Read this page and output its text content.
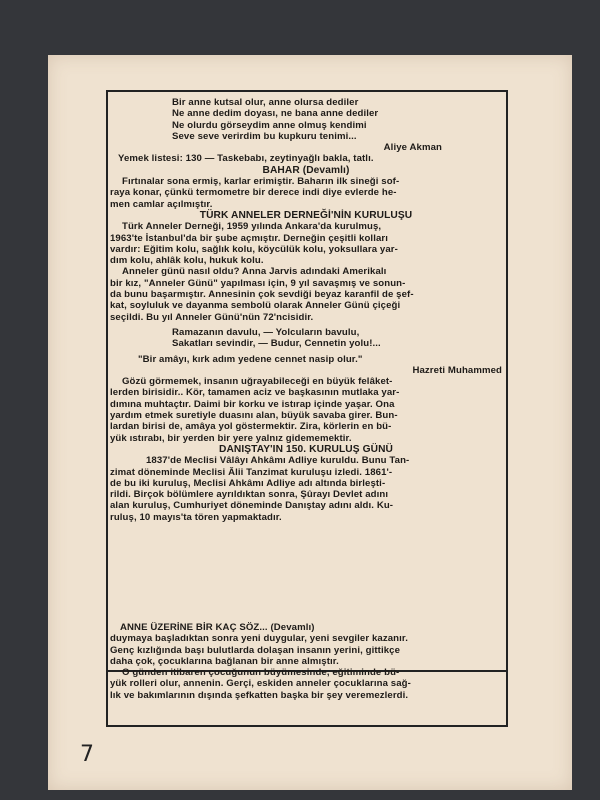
Bir anne kutsal olur, anne olursa dediler
Ne anne dedim doyası, ne bana anne dediler
Ne olurdu görseydim anne olmuş kendimi
Seve seve verirdim bu kupkuru tenimi...
Aliye Akman
Yemek listesi: 130 — Taskebabı, zeytinyağlı bakla, tatlı.
BAHAR (Devamlı)
Fırtınalar sona ermiş, karlar erimiştir. Baharın ilk sineği sof-
raya konar, çünkü termometre bir derece indi diye evlerde he-
men camlar açılmıştır.
TÜRK ANNELER DERNEĞİ'NİN KURULUŞU
Türk Anneler Derneği, 1959 yılında Ankara'da kurulmuş,
1963'te İstanbul'da bir şube açmıştır. Derneğin çeşitli kolları
vardır: Eğitim kolu, sağlık kolu, köycülük kolu, yoksullara yar-
dım kolu, ahlâk kolu, hukuk kolu.
Anneler günü nasıl oldu? Anna Jarvis adındaki Amerikalı
bir kız, "Anneler Günü" yapılması için, 9 yıl savaşmış ve sonun-
da bunu başarmıştır. Annesinin çok sevdiği beyaz karanfil de şef-
kat, soyluluk ve dayanma sembolü olarak Anneler Günü çiçeği
seçildi. Bu yıl Anneler Günü'nün 72'ncisidir.
Ramazanın davulu, — Yolcuların bavulu,
Sakatları sevindir, — Budur, Cennetin yolu!...
"Bir amâyı, kırk adım yedene cennet nasip olur."
Hazreti Muhammed
Gözü görmemek, insanın uğrayabileceği en büyük felâket-
lerden birisidir.. Kör, tamamen aciz ve başkasının mutlaka yar-
dımına muhtaçtır. Daimi bir korku ve istırap içinde yaşar. Ona
yardım etmek suretiyle duasını alan, büyük savaba girer. Bun-
lardan birisi de, amâya yol göstermektir. Zira, körlerin en bü-
yük ıstırabı, bir yerden bir yere yalnız gidememektir.
DANIŞTAY'IN 150. KURULUŞ GÜNÜ
1837'de Meclisi Vâlâyı Ahkâmı Adliye kuruldu. Bunu Tan-
zimat döneminde Meclisi Âlii Tanzimat kuruluşu izledi. 1861'-
de bu iki kuruluş, Meclisi Ahkâmı Adliye adı altında birleşti-
rildi. Birçok bölümlere ayrıldıktan sonra, Şûrayı Devlet adını
alan kuruluş, Cumhuriyet döneminde Danıştay adını aldı. Ku-
ruluş, 10 mayıs'ta tören yapmaktadır.
ANNE ÜZERİNE BİR KAÇ SÖZ... (Devamlı)
duymaya başladıktan sonra yeni duygular, yeni sevgiler kazanır.
Genç kızlığında başı bulutlarda dolaşan insanın yerini, gittikçe
daha çok, çocuklarına bağlanan bir anne almıştır.
O günden itibaren çocuğunun büyümesinde, eğitiminde bü-
yük rolleri olur, annenin. Gerçi, eskiden anneler çocuklarına sağ-
lık ve bakımlarının dışında şefkatten başka bir şey veremezlerdi.
7
